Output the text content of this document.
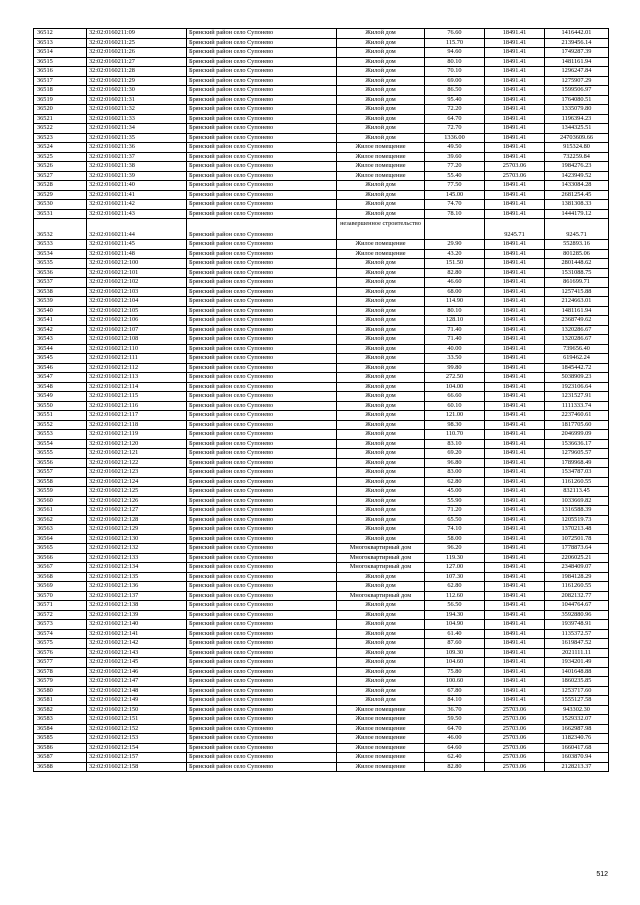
36512	32:02:0160211:09	Брянский район село Супонево	Жилой дом	76.60	18491.41	1416442.01
36513	32:02:0160211:25	Брянский район село Супонево	Жилой дом	115.70	18491.41	2139456.14
36514	32:02:0160211:26	Брянский район село Супонево	Жилой дом	94.60	18491.41	1749287.39
36515	32:02:0160211:27	Брянский район село Супонево	Жилой дом	80.10	18491.41	1481161.94
36516	32:02:0160211:28	Брянский район село Супонево	Жилой дом	70.10	18491.41	1296247.84
36517	32:02:0160211:29	Брянский район село Супонево	Жилой дом	69.00	18491.41	1275907.29
36518	32:02:0160211:30	Брянский район село Супонево	Жилой дом	86.50	18491.41	1599506.97
36519	32:02:0160211:31	Брянский район село Супонево	Жилой дом	95.40	18491.41	1764080.51
36520	32:02:0160211:32	Брянский район село Супонево	Жилой дом	72.20	18491.41	1335079.80
36521	32:02:0160211:33	Брянский район село Супонево	Жилой дом	64.70	18491.41	1196394.23
36522	32:02:0160211:34	Брянский район село Супонево	Жилой дом	72.70	18491.41	1344325.51
36523	32:02:0160211:35	Брянский район село Супонево	Жилой дом	1336.00	18491.41	24703609.66
36524	32:02:0160211:36	Брянский район село Супонево	Жилое помещение	49.50	18491.41	915324.80
36525	32:02:0160211:37	Брянский район село Супонево	Жилое помещение	39.60	18491.41	732259.84
36526	32:02:0160211:38	Брянский район село Супонево	Жилое помещение	77.20	25703.06	1984276.23
36527	32:02:0160211:39	Брянский район село Супонево	Жилое помещение	55.40	25703.06	1423949.52
36528	32:02:0160211:40	Брянский район село Супонево	Жилой дом	77.50	18491.41	1433084.28
36529	32:02:0160211:41	Брянский район село Супонево	Жилой дом	145.00	18491.41	2681254.45
36530	32:02:0160211:42	Брянский район село Супонево	Жилой дом	74.70	18491.41	1381308.33
36531	32:02:0160211:43	Брянский район село Супонево	Жилой дом	78.10	18491.41	1444179.12
36532	32:02:0160211:44	Брянский район село Супонево	незавершенное строительство		9245.71	9245.71
36533	32:02:0160211:45	Брянский район село Супонево	Жилое помещение	29.90	18491.41	552893.16
36534	32:02:0160211:48	Брянский район село Супонево	Жилое помещение	43.20	18491.41	801285.06
36535	32:02:0160212:100	Брянский район село Супонево	Жилой дом	151.50	18491.41	2801448.62
36536	32:02:0160212:101	Брянский район село Супонево	Жилой дом	82.80	18491.41	1531088.75
36537	32:02:0160212:102	Брянский район село Супонево	Жилой дом	46.60	18491.41	861699.71
36538	32:02:0160212:103	Брянский район село Супонево	Жилой дом	68.00	18491.41	1257415.88
36539	32:02:0160212:104	Брянский район село Супонево	Жилой дом	114.90	18491.41	2124663.01
36540	32:02:0160212:105	Брянский район село Супонево	Жилой дом	80.10	18491.41	1481161.94
36541	32:02:0160212:106	Брянский район село Супонево	Жилой дом	128.10	18491.41	2368749.62
36542	32:02:0160212:107	Брянский район село Супонево	Жилой дом	71.40	18491.41	1320286.67
36543	32:02:0160212:108	Брянский район село Супонево	Жилой дом	71.40	18491.41	1320286.67
36544	32:02:0160212:110	Брянский район село Супонево	Жилой дом	40.00	18491.41	739656.40
36545	32:02:0160212:111	Брянский район село Супонево	Жилой дом	33.50	18491.41	619462.24
36546	32:02:0160212:112	Брянский район село Супонево	Жилой дом	99.80	18491.41	1845442.72
36547	32:02:0160212:113	Брянский район село Супонево	Жилой дом	272.50	18491.41	5038909.23
36548	32:02:0160212:114	Брянский район село Супонево	Жилой дом	104.00	18491.41	1923106.64
36549	32:02:0160212:115	Брянский район село Супонево	Жилой дом	66.60	18491.41	1231527.91
36550	32:02:0160212:116	Брянский район село Супонево	Жилой дом	60.10	18491.41	1111333.74
36551	32:02:0160212:117	Брянский район село Супонево	Жилой дом	121.00	18491.41	2237460.61
36552	32:02:0160212:118	Брянский район село Супонево	Жилой дом	98.30	18491.41	1817705.60
36553	32:02:0160212:119	Брянский район село Супонево	Жилой дом	110.70	18491.41	2046999.09
36554	32:02:0160212:120	Брянский район село Супонево	Жилой дом	83.10	18491.41	1536636.17
36555	32:02:0160212:121	Брянский район село Супонево	Жилой дом	69.20	18491.41	1279605.57
36556	32:02:0160212:122	Брянский район село Супонево	Жилой дом	96.80	18491.41	1789968.49
36557	32:02:0160212:123	Брянский район село Супонево	Жилой дом	83.00	18491.41	1534787.03
36558	32:02:0160212:124	Брянский район село Супонево	Жилой дом	62.80	18491.41	1161260.55
36559	32:02:0160212:125	Брянский район село Супонево	Жилой дом	45.00	18491.41	832113.45
36560	32:02:0160212:126	Брянский район село Супонево	Жилой дом	55.90	18491.41	1033669.82
36561	32:02:0160212:127	Брянский район село Супонево	Жилой дом	71.20	18491.41	1316588.39
36562	32:02:0160212:128	Брянский район село Супонево	Жилой дом	65.50	18491.41	1205519.73
36563	32:02:0160212:129	Брянский район село Супонево	Жилой дом	74.10	18491.41	1370213.48
36564	32:02:0160212:130	Брянский район село Супонево	Жилой дом	58.00	18491.41	1072501.78
36565	32:02:0160212:132	Брянский район село Супонево	Многоквартирный дом	96.20	18491.41	1778873.64
36566	32:02:0160212:133	Брянский район село Супонево	Многоквартирный дом	119.30	18491.41	2206025.21
36567	32:02:0160212:134	Брянский район село Супонево	Многоквартирный дом	127.00	18491.41	2348409.07
36568	32:02:0160212:135	Брянский район село Супонево	Жилой дом	107.30	18491.41	1984128.29
36569	32:02:0160212:136	Брянский район село Супонево	Жилой дом	62.80	18491.41	1161260.55
36570	32:02:0160212:137	Брянский район село Супонево	Многоквартирный дом	112.60	18491.41	2082132.77
36571	32:02:0160212:138	Брянский район село Супонево	Жилой дом	56.50	18491.41	1044764.67
36572	32:02:0160212:139	Брянский район село Супонево	Жилой дом	194.30	18491.41	3592880.96
36573	32:02:0160212:140	Брянский район село Супонево	Жилой дом	104.90	18491.41	1939748.91
36574	32:02:0160212:141	Брянский район село Супонево	Жилой дом	61.40	18491.41	1135372.57
36575	32:02:0160212:142	Брянский район село Супонево	Жилой дом	87.60	18491.41	1619847.52
36576	32:02:0160212:143	Брянский район село Супонево	Жилой дом	109.30	18491.41	2021111.11
36577	32:02:0160212:145	Брянский район село Супонево	Жилой дом	104.60	18491.41	1934201.49
36578	32:02:0160212:146	Брянский район село Супонево	Жилой дом	75.80	18491.41	1401648.88
36579	32:02:0160212:147	Брянский район село Супонево	Жилой дом	100.60	18491.41	1860235.85
36580	32:02:0160212:148	Брянский район село Супонево	Жилой дом	67.80	18491.41	1253717.60
36581	32:02:0160212:149	Брянский район село Супонево	Жилой дом	84.10	18491.41	1555127.58
36582	32:02:0160212:150	Брянский район село Супонево	Жилое помещение	36.70	25703.06	943302.30
36583	32:02:0160212:151	Брянский район село Супонево	Жилое помещение	59.50	25703.06	1529332.07
36584	32:02:0160212:152	Брянский район село Супонево	Жилое помещение	64.70	25703.06	1662987.98
36585	32:02:0160212:153	Брянский район село Супонево	Жилое помещение	46.00	25703.06	1182340.76
36586	32:02:0160212:154	Брянский район село Супонево	Жилое помещение	64.60	25703.06	1660417.68
36587	32:02:0160212:157	Брянский район село Супонево	Жилое помещение	62.40	25703.06	1603870.94
36588	32:02:0160212:158	Брянский район село Супонево	Жилое помещение	82.80	25703.06	2128213.37
512
